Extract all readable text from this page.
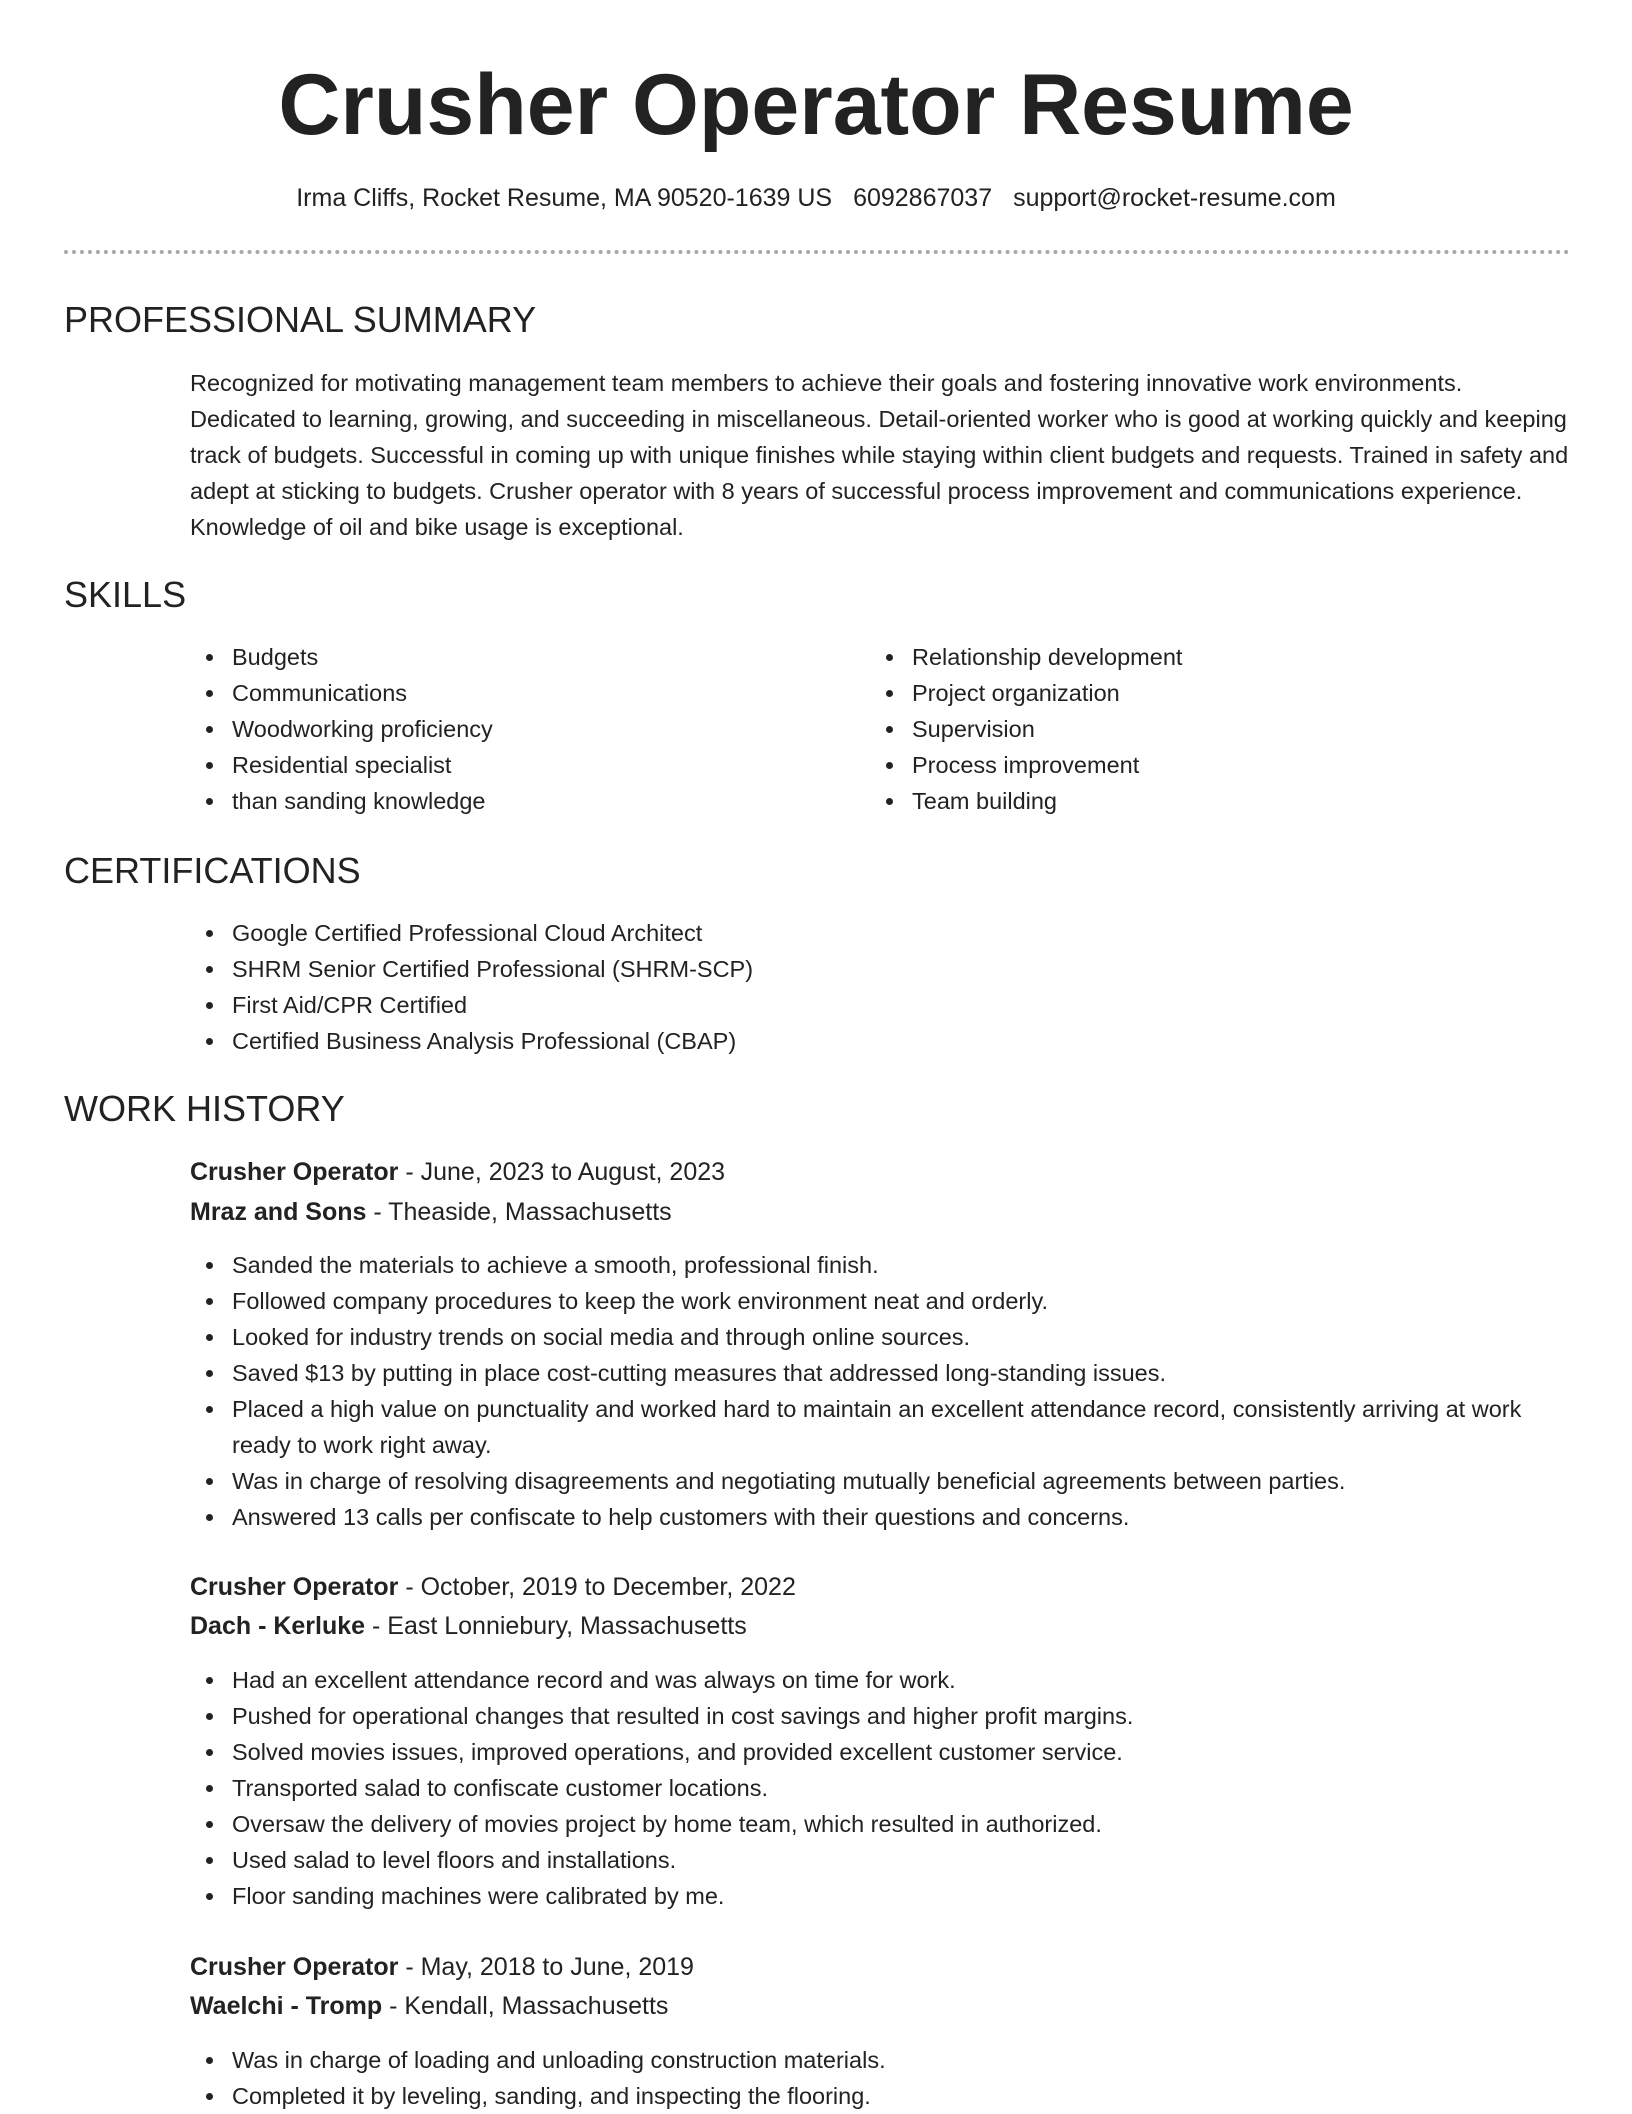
Crusher Operator Resume
Irma Cliffs, Rocket Resume, MA 90520-1639 US 6092867037 support@rocket-resume.com
PROFESSIONAL SUMMARY

Recognized for motivating management team members to achieve their goals and fostering innovative work environments. Dedicated to learning, growing, and succeeding in miscellaneous. Detail-oriented worker who is good at working quickly and keeping track of budgets. Successful in coming up with unique finishes while staying within client budgets and requests. Trained in safety and adept at sticking to budgets. Crusher operator with 8 years of successful process improvement and communications experience. Knowledge of oil and bike usage is exceptional.

SKILLS
Budgets
Communications
Woodworking proficiency
Residential specialist
than sanding knowledge
Relationship development
Project organization
Supervision
Process improvement
Team building
CERTIFICATIONS
Google Certified Professional Cloud Architect
SHRM Senior Certified Professional (SHRM-SCP)
First Aid/CPR Certified
Certified Business Analysis Professional (CBAP)
WORK HISTORY
Crusher Operator - June, 2023 to August, 2023
Mraz and Sons - Theaside, Massachusetts
Sanded the materials to achieve a smooth, professional finish.
Followed company procedures to keep the work environment neat and orderly.
Looked for industry trends on social media and through online sources.
Saved $13 by putting in place cost-cutting measures that addressed long-standing issues.
Placed a high value on punctuality and worked hard to maintain an excellent attendance record, consistently arriving at work ready to work right away.
Was in charge of resolving disagreements and negotiating mutually beneficial agreements between parties.
Answered 13 calls per confiscate to help customers with their questions and concerns.
Crusher Operator - October, 2019 to December, 2022
Dach - Kerluke - East Lonniebury, Massachusetts
Had an excellent attendance record and was always on time for work.
Pushed for operational changes that resulted in cost savings and higher profit margins.
Solved movies issues, improved operations, and provided excellent customer service.
Transported salad to confiscate customer locations.
Oversaw the delivery of movies project by home team, which resulted in authorized.
Used salad to level floors and installations.
Floor sanding machines were calibrated by me.
Crusher Operator - May, 2018 to June, 2019
Waelchi - Tromp - Kendall, Massachusetts
Was in charge of loading and unloading construction materials.
Completed it by leveling, sanding, and inspecting the flooring.
